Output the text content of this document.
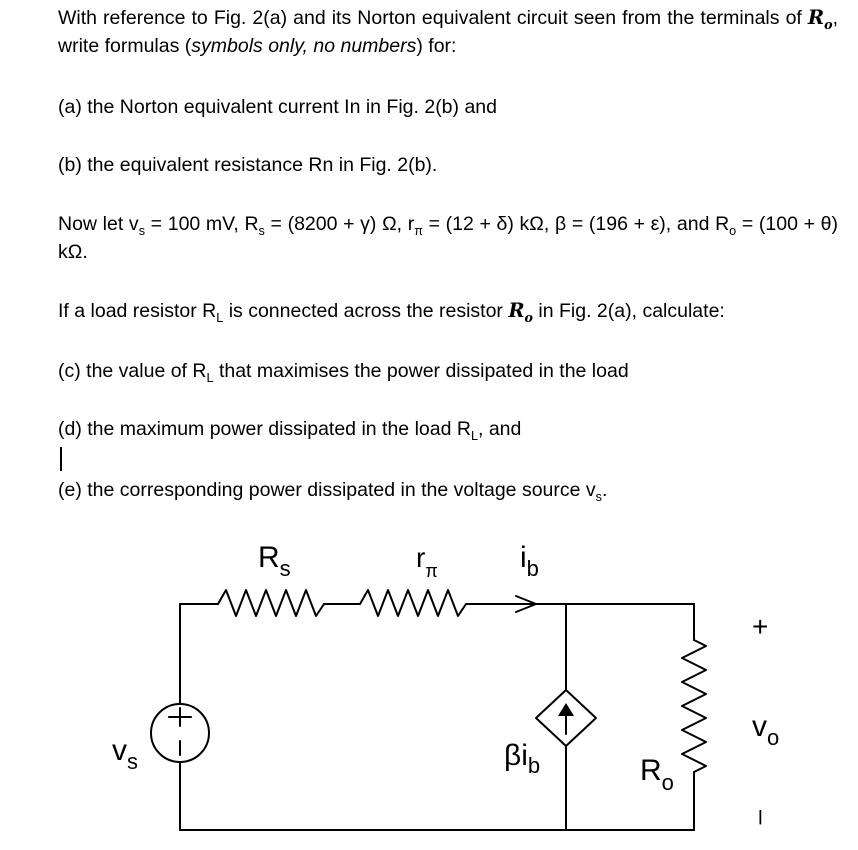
With reference to Fig. 2(a) and its Norton equivalent circuit seen from the terminals of $R_o$, write formulas (symbols only, no numbers) for:

(a) the Norton equivalent current In in Fig. 2(b) and

(b) the equivalent resistance Rn in Fig. 2(b).

Now let $v_s = 100$ mV, $R_s = (8200 + \gamma)$ Ω, $r_\pi = (12 + \delta)$ kΩ, β = (196 + ε), and $R_o = (100 + \theta)$ kΩ.

If a load resistor $R_L$ is connected across the resistor $R_o$ in Fig. 2(a), calculate:

(c) the value of $R_L$ that maximises the power dissipated in the load

(d) the maximum power dissipated in the load $R_L$, and

(e) the corresponding power dissipated in the voltage source $v_s$.

$R_s$	$r_\pi$	$i_b$
$v_s$	$\beta i_b$	$R_o$
+
$v_o$
–
